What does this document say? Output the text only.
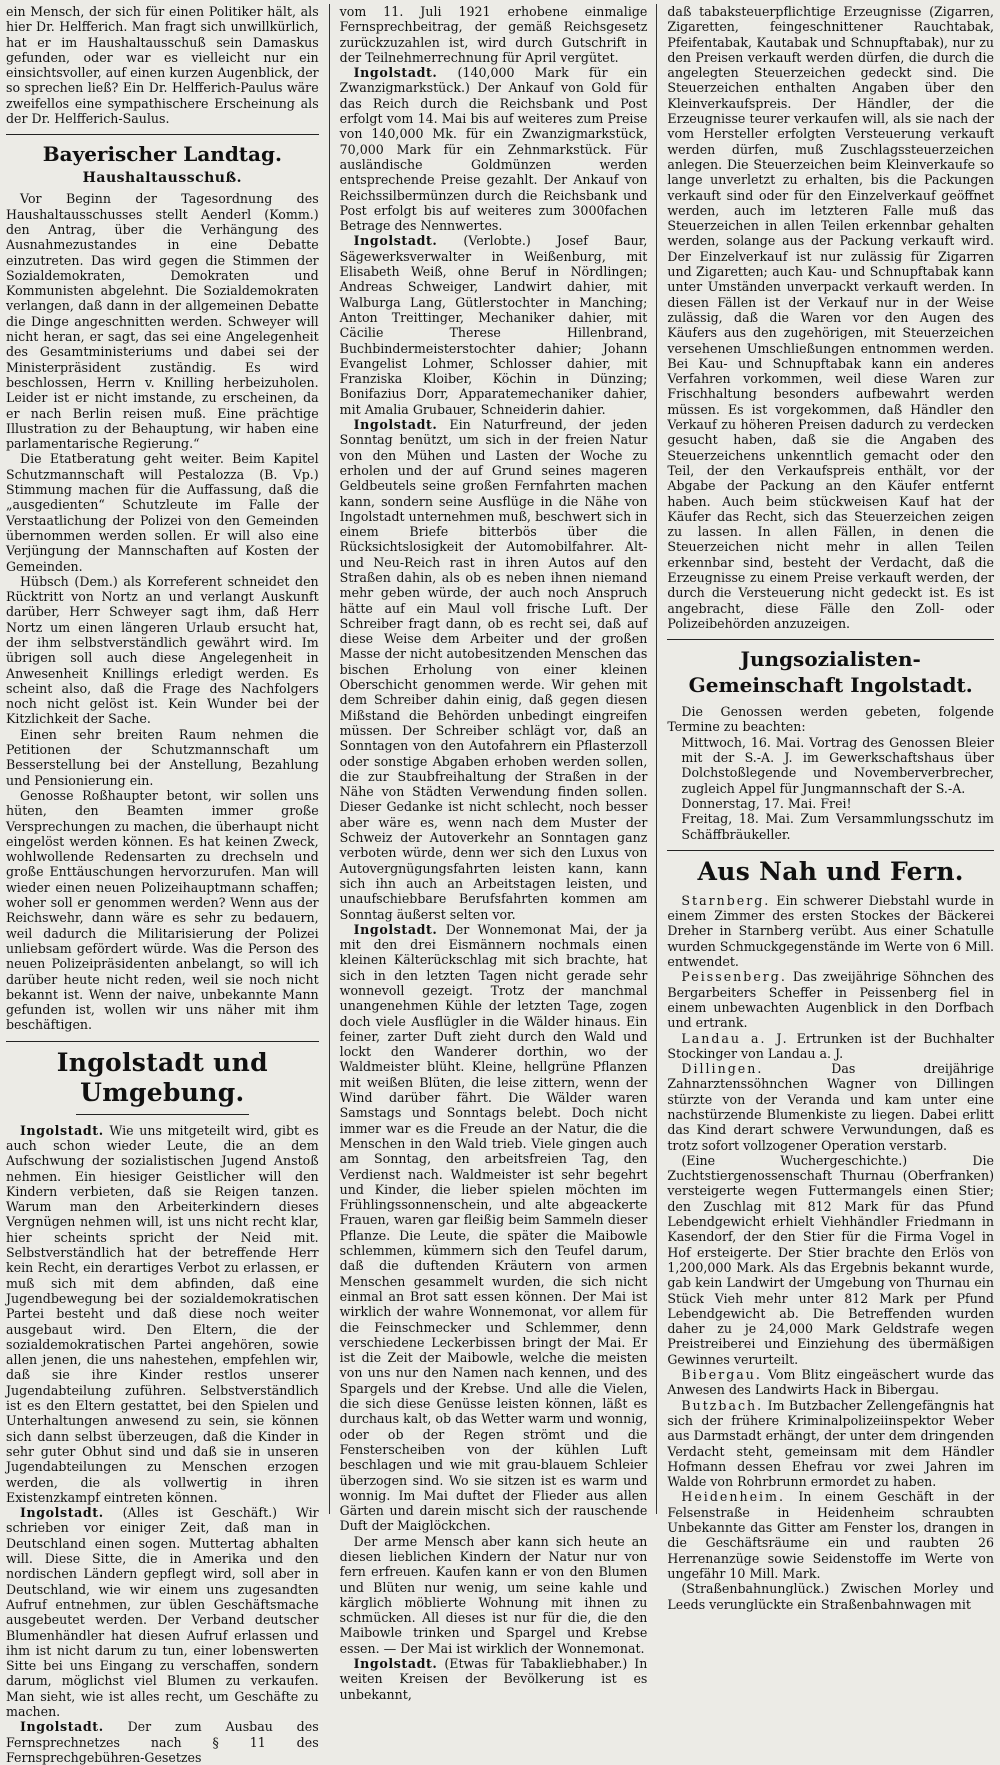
ein Mensch, der sich für einen Politiker hält, als hier Dr. Helfferich. Man fragt sich unwillkürlich, hat er im Haushaltausschuß sein Damaskus gefunden, oder war es vielleicht nur ein einsichtsvoller, auf einen kurzen Augenblick, der so sprechen ließ? Ein Dr. Helfferich-Paulus wäre zweifellos eine sympathischere Erscheinung als der Dr. Helfferich-Saulus.

Bayerischer Landtag.
Haushaltausschuß.

Vor Beginn der Tagesordnung des Haushaltausschusses stellt Aenderl (Komm.) den Antrag, über die Verhängung des Ausnahmezustandes in eine Debatte einzutreten. Das wird gegen die Stimmen der Sozialdemokraten, Demokraten und Kommunisten abgelehnt. Die Sozialdemokraten verlangen, daß dann in der allgemeinen Debatte die Dinge angeschnitten werden. Schweyer will nicht heran, er sagt, das sei eine Angelegenheit des Gesamtministeriums und dabei sei der Ministerpräsident zuständig. Es wird beschlossen, Herrn v. Knilling herbeizuholen. Leider ist er nicht imstande, zu erscheinen, da er nach Berlin reisen muß. Eine prächtige Illustration zu der Behauptung, wir haben eine parlamentarische Regierung.“

Die Etatberatung geht weiter. Beim Kapitel Schutzmannschaft will Pestalozza (B. Vp.) Stimmung machen für die Auffassung, daß die „ausgedienten“ Schutzleute im Falle der Verstaatlichung der Polizei von den Gemeinden übernommen werden sollen. Er will also eine Verjüngung der Mannschaften auf Kosten der Gemeinden.

Hübsch (Dem.) als Korreferent schneidet den Rücktritt von Nortz an und verlangt Auskunft darüber, Herr Schweyer sagt ihm, daß Herr Nortz um einen längeren Urlaub ersucht hat, der ihm selbstverständlich gewährt wird. Im übrigen soll auch diese Angelegenheit in Anwesenheit Knillings erledigt werden. Es scheint also, daß die Frage des Nachfolgers noch nicht gelöst ist. Kein Wunder bei der Kitzlichkeit der Sache.

Einen sehr breiten Raum nehmen die Petitionen der Schutzmannschaft um Besserstellung bei der Anstellung, Bezahlung und Pensionierung ein.

Genosse Roßhaupter betont, wir sollen uns hüten, den Beamten immer große Versprechungen zu machen, die überhaupt nicht eingelöst werden können. Es hat keinen Zweck, wohlwollende Redensarten zu drechseln und große Enttäuschungen hervorzurufen. Man will wieder einen neuen Polizeihauptmann schaffen; woher soll er genommen werden? Wenn aus der Reichswehr, dann wäre es sehr zu bedauern, weil dadurch die Militarisierung der Polizei unliebsam gefördert würde. Was die Person des neuen Polizeipräsidenten anbelangt, so will ich darüber heute nicht reden, weil sie noch nicht bekannt ist. Wenn der naive, unbekannte Mann gefunden ist, wollen wir uns näher mit ihm beschäftigen.

Ingolstadt und Umgebung.

Ingolstadt. Wie uns mitgeteilt wird, gibt es auch schon wieder Leute, die an dem Aufschwung der sozialistischen Jugend Anstoß nehmen. Ein hiesiger Geistlicher will den Kindern verbieten, daß sie Reigen tanzen. Warum man den Arbeiterkindern dieses Vergnügen nehmen will, ist uns nicht recht klar, hier scheints spricht der Neid mit. Selbstverständlich hat der betreffende Herr kein Recht, ein derartiges Verbot zu erlassen, er muß sich mit dem abfinden, daß eine Jugendbewegung bei der sozialdemokratischen Partei besteht und daß diese noch weiter ausgebaut wird. Den Eltern, die der sozialdemokratischen Partei angehören, sowie allen jenen, die uns nahestehen, empfehlen wir, daß sie ihre Kinder restlos unserer Jugendabteilung zuführen. Selbstverständlich ist es den Eltern gestattet, bei den Spielen und Unterhaltungen anwesend zu sein, sie können sich dann selbst überzeugen, daß die Kinder in sehr guter Obhut sind und daß sie in unseren Jugendabteilungen zu Menschen erzogen werden, die als vollwertig in ihren Existenzkampf eintreten können.

Ingolstadt. (Alles ist Geschäft.) Wir schrieben vor einiger Zeit, daß man in Deutschland einen sogen. Muttertag abhalten will. Diese Sitte, die in Amerika und den nordischen Ländern gepflegt wird, soll aber in Deutschland, wie wir einem uns zugesandten Aufruf entnehmen, zur üblen Geschäftsmache ausgebeutet werden. Der Verband deutscher Blumenhändler hat diesen Aufruf erlassen und ihm ist nicht darum zu tun, einer lobenswerten Sitte bei uns Eingang zu verschaffen, sondern darum, möglichst viel Blumen zu verkaufen. Man sieht, wie ist alles recht, um Geschäfte zu machen.

Ingolstadt. Der zum Ausbau des Fernsprechnetzes nach § 11 des Fernsprechgebühren-Gesetzes

vom 11. Juli 1921 erhobene einmalige Fernsprechbeitrag, der gemäß Reichsgesetz zurückzuzahlen ist, wird durch Gutschrift in der Teilnehmerrechnung für April vergütet.

Ingolstadt. (140,000 Mark für ein Zwanzigmarkstück.) Der Ankauf von Gold für das Reich durch die Reichsbank und Post erfolgt vom 14. Mai bis auf weiteres zum Preise von 140,000 Mk. für ein Zwanzigmarkstück, 70,000 Mark für ein Zehnmarkstück. Für ausländische Goldmünzen werden entsprechende Preise gezahlt. Der Ankauf von Reichssilbermünzen durch die Reichsbank und Post erfolgt bis auf weiteres zum 3000fachen Betrage des Nennwertes.

Ingolstadt. (Verlobte.) Josef Baur, Sägewerksverwalter in Weißenburg, mit Elisabeth Weiß, ohne Beruf in Nördlingen; Andreas Schweiger, Landwirt dahier, mit Walburga Lang, Gütlerstochter in Manching; Anton Treittinger, Mechaniker dahier, mit Cäcilie Therese Hillenbrand, Buchbindermeisterstochter dahier; Johann Evangelist Lohmer, Schlosser dahier, mit Franziska Kloiber, Köchin in Dünzing; Bonifazius Dorr, Apparatemechaniker dahier, mit Amalia Grubauer, Schneiderin dahier.

Ingolstadt. Ein Naturfreund, der jeden Sonntag benützt, um sich in der freien Natur von den Mühen und Lasten der Woche zu erholen und der auf Grund seines mageren Geldbeutels seine großen Fernfahrten machen kann, sondern seine Ausflüge in die Nähe von Ingolstadt unternehmen muß, beschwert sich in einem Briefe bitterbös über die Rücksichtslosigkeit der Automobilfahrer. Alt- und Neu-Reich rast in ihren Autos auf den Straßen dahin, als ob es neben ihnen niemand mehr geben würde, der auch noch Anspruch hätte auf ein Maul voll frische Luft. Der Schreiber fragt dann, ob es recht sei, daß auf diese Weise dem Arbeiter und der großen Masse der nicht autobesitzenden Menschen das bischen Erholung von einer kleinen Oberschicht genommen werde. Wir gehen mit dem Schreiber dahin einig, daß gegen diesen Mißstand die Behörden unbedingt eingreifen müssen. Der Schreiber schlägt vor, daß an Sonntagen von den Autofahrern ein Pflasterzoll oder sonstige Abgaben erhoben werden sollen, die zur Staubfreihaltung der Straßen in der Nähe von Städten Verwendung finden sollen. Dieser Gedanke ist nicht schlecht, noch besser aber wäre es, wenn nach dem Muster der Schweiz der Autoverkehr an Sonntagen ganz verboten würde, denn wer sich den Luxus von Autovergnügungsfahrten leisten kann, kann sich ihn auch an Arbeitstagen leisten, und unaufschiebbare Berufsfahrten kommen am Sonntag äußerst selten vor.

Ingolstadt. Der Wonnemonat Mai, der ja mit den drei Eismännern nochmals einen kleinen Kälterückschlag mit sich brachte, hat sich in den letzten Tagen nicht gerade sehr wonnevoll gezeigt. Trotz der manchmal unangenehmen Kühle der letzten Tage, zogen doch viele Ausflügler in die Wälder hinaus. Ein feiner, zarter Duft zieht durch den Wald und lockt den Wanderer dorthin, wo der Waldmeister blüht. Kleine, hellgrüne Pflanzen mit weißen Blüten, die leise zittern, wenn der Wind darüber fährt. Die Wälder waren Samstags und Sonntags belebt. Doch nicht immer war es die Freude an der Natur, die die Menschen in den Wald trieb. Viele gingen auch am Sonntag, den arbeitsfreien Tag, den Verdienst nach. Waldmeister ist sehr begehrt und Kinder, die lieber spielen möchten im Frühlingssonnenschein, und alte abgeackerte Frauen, waren gar fleißig beim Sammeln dieser Pflanze. Die Leute, die später die Maibowle schlemmen, kümmern sich den Teufel darum, daß die duftenden Kräutern von armen Menschen gesammelt wurden, die sich nicht einmal an Brot satt essen können. Der Mai ist wirklich der wahre Wonnemonat, vor allem für die Feinschmecker und Schlemmer, denn verschiedene Leckerbissen bringt der Mai. Er ist die Zeit der Maibowle, welche die meisten von uns nur den Namen nach kennen, und des Spargels und der Krebse. Und alle die Vielen, die sich diese Genüsse leisten können, läßt es durchaus kalt, ob das Wetter warm und wonnig, oder ob der Regen strömt und die Fensterscheiben von der kühlen Luft beschlagen und wie mit grau-blauem Schleier überzogen sind. Wo sie sitzen ist es warm und wonnig. Im Mai duftet der Flieder aus allen Gärten und darein mischt sich der rauschende Duft der Maiglöckchen.

Der arme Mensch aber kann sich heute an diesen lieblichen Kindern der Natur nur von fern erfreuen. Kaufen kann er von den Blumen und Blüten nur wenig, um seine kahle und kärglich möblierte Wohnung mit ihnen zu schmücken. All dieses ist nur für die, die den Maibowle trinken und Spargel und Krebse essen. — Der Mai ist wirklich der Wonnemonat.

Ingolstadt. (Etwas für Tabakliebhaber.) In weiten Kreisen der Bevölkerung ist es unbekannt,

daß tabaksteuerpflichtige Erzeugnisse (Zigarren, Zigaretten, feingeschnittener Rauchtabak, Pfeifentabak, Kautabak und Schnupftabak), nur zu den Preisen verkauft werden dürfen, die durch die angelegten Steuerzeichen gedeckt sind. Die Steuerzeichen enthalten Angaben über den Kleinverkaufspreis. Der Händler, der die Erzeugnisse teurer verkaufen will, als sie nach der vom Hersteller erfolgten Versteuerung verkauft werden dürfen, muß Zuschlagssteuerzeichen anlegen. Die Steuerzeichen beim Kleinverkaufe so lange unverletzt zu erhalten, bis die Packungen verkauft sind oder für den Einzelverkauf geöffnet werden, auch im letzteren Falle muß das Steuerzeichen in allen Teilen erkennbar gehalten werden, solange aus der Packung verkauft wird. Der Einzelverkauf ist nur zulässig für Zigarren und Zigaretten; auch Kau- und Schnupftabak kann unter Umständen unverpackt verkauft werden. In diesen Fällen ist der Verkauf nur in der Weise zulässig, daß die Waren vor den Augen des Käufers aus den zugehörigen, mit Steuerzeichen versehenen Umschließungen entnommen werden. Bei Kau- und Schnupftabak kann ein anderes Verfahren vorkommen, weil diese Waren zur Frischhaltung besonders aufbewahrt werden müssen. Es ist vorgekommen, daß Händler den Verkauf zu höheren Preisen dadurch zu verdecken gesucht haben, daß sie die Angaben des Steuerzeichens unkenntlich gemacht oder den Teil, der den Verkaufspreis enthält, vor der Abgabe der Packung an den Käufer entfernt haben. Auch beim stückweisen Kauf hat der Käufer das Recht, sich das Steuerzeichen zeigen zu lassen. In allen Fällen, in denen die Steuerzeichen nicht mehr in allen Teilen erkennbar sind, besteht der Verdacht, daß die Erzeugnisse zu einem Preise verkauft werden, der durch die Versteuerung nicht gedeckt ist. Es ist angebracht, diese Fälle den Zoll- oder Polizeibehörden anzuzeigen.

Jungsozialisten-Gemeinschaft Ingolstadt.

Die Genossen werden gebeten, folgende Termine zu beachten:

Mittwoch, 16. Mai. Vortrag des Genossen Bleier mit der S.-A. J. im Gewerkschaftshaus über Dolchstoßlegende und Novemberverbrecher, zugleich Appel für Jungmannschaft der S.-A.

Donnerstag, 17. Mai. Frei!

Freitag, 18. Mai. Zum Versammlungsschutz im Schäffbräukeller.

Aus Nah und Fern.

Starnberg. Ein schwerer Diebstahl wurde in einem Zimmer des ersten Stockes der Bäckerei Dreher in Starnberg verübt. Aus einer Schatulle wurden Schmuckgegenstände im Werte von 6 Mill. entwendet.

Peissenberg. Das zweijährige Söhnchen des Bergarbeiters Scheffer in Peissenberg fiel in einem unbewachten Augenblick in den Dorfbach und ertrank.

Landau a. J. Ertrunken ist der Buchhalter Stockinger von Landau a. J.

Dillingen.	Das dreijährige Zahnarztenssöhnchen Wagner von Dillingen stürzte von der Veranda und kam unter eine nachstürzende Blumenkiste zu liegen. Dabei erlitt das Kind derart schwere Verwundungen, daß es trotz sofort vollzogener Operation verstarb.

(Eine Wuchergeschichte.) Die Zuchtstiergenossenschaft Thurnau (Oberfranken) versteigerte wegen Futtermangels einen Stier; den Zuschlag mit 812 Mark für das Pfund Lebendgewicht erhielt Viehhändler Friedmann in Kasendorf, der den Stier für die Firma Vogel in Hof ersteigerte. Der Stier brachte den Erlös von 1,200,000 Mark. Als das Ergebnis bekannt wurde, gab kein Landwirt der Umgebung von Thurnau ein Stück Vieh mehr unter 812 Mark per Pfund Lebendgewicht ab. Die Betreffenden wurden daher zu je 24,000 Mark Geldstrafe wegen Preistreiberei und Einziehung des übermäßigen Gewinnes verurteilt.

Bibergau. Vom Blitz eingeäschert wurde das Anwesen des Landwirts Hack in Bibergau.

Butzbach. Im Butzbacher Zellengefängnis hat sich der frühere Kriminalpolizeiinspektor Weber aus Darmstadt erhängt, der unter dem dringenden Verdacht steht, gemeinsam mit dem Händler Hofmann dessen Ehefrau vor zwei Jahren im Walde von Rohrbrunn ermordet zu haben.

Heidenheim. In einem Geschäft in der Felsenstraße in Heidenheim schraubten Unbekannte das Gitter am Fenster los, drangen in die Geschäftsräume ein und raubten 26 Herrenanzüge sowie Seidenstoffe im Werte von ungefähr 10 Mill. Mark.

(Straßenbahnunglück.) Zwischen Morley und Leeds verunglückte ein Straßenbahnwagen mit
